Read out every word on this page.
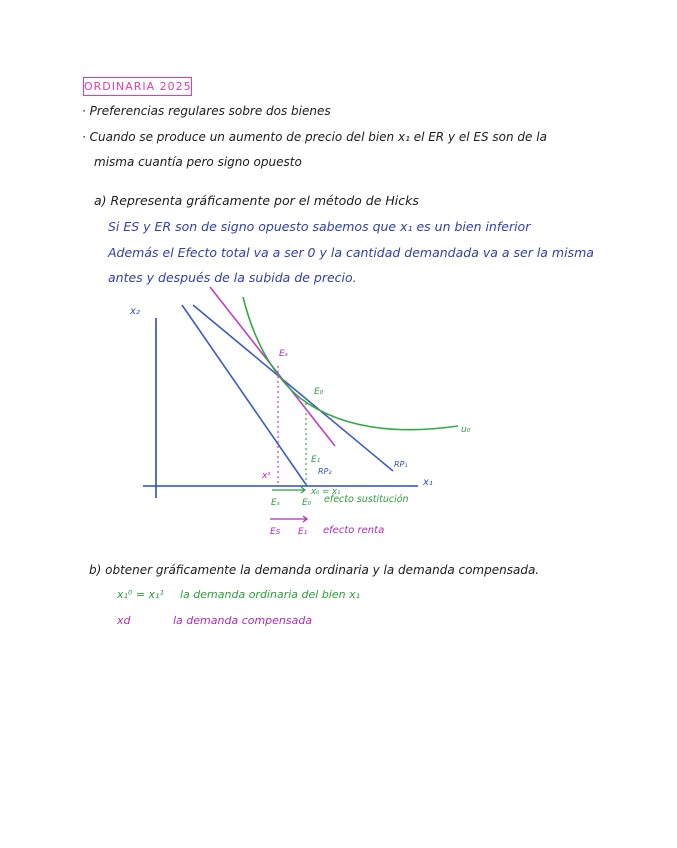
ORDINARIA 2025
· Preferencias regulares sobre dos bienes
· Cuando se produce un aumento de precio del bien x₁ el ER y el ES son de la
misma cuantía pero signo opuesto
a) Representa gráficamente por el método de Hicks
Si ES y ER son de signo opuesto sabemos que x₁ es un bien inferior
Además el Efecto total va a ser 0 y la cantidad demandada va a ser la misma
antes y después de la subida de precio.
x₂
x₁
Eₛ
E₀
E₁
u₀
RP₁
RP₂
xˢ
x₀ = x₁
Eₛ E₀ efecto sustitución
Es E₁ efecto renta
b) obtener gráficamente la demanda ordinaria y la demanda compensada.
x₁⁰ = x₁¹ la demanda ordinaria del bien x₁
xd	la demanda compensada
